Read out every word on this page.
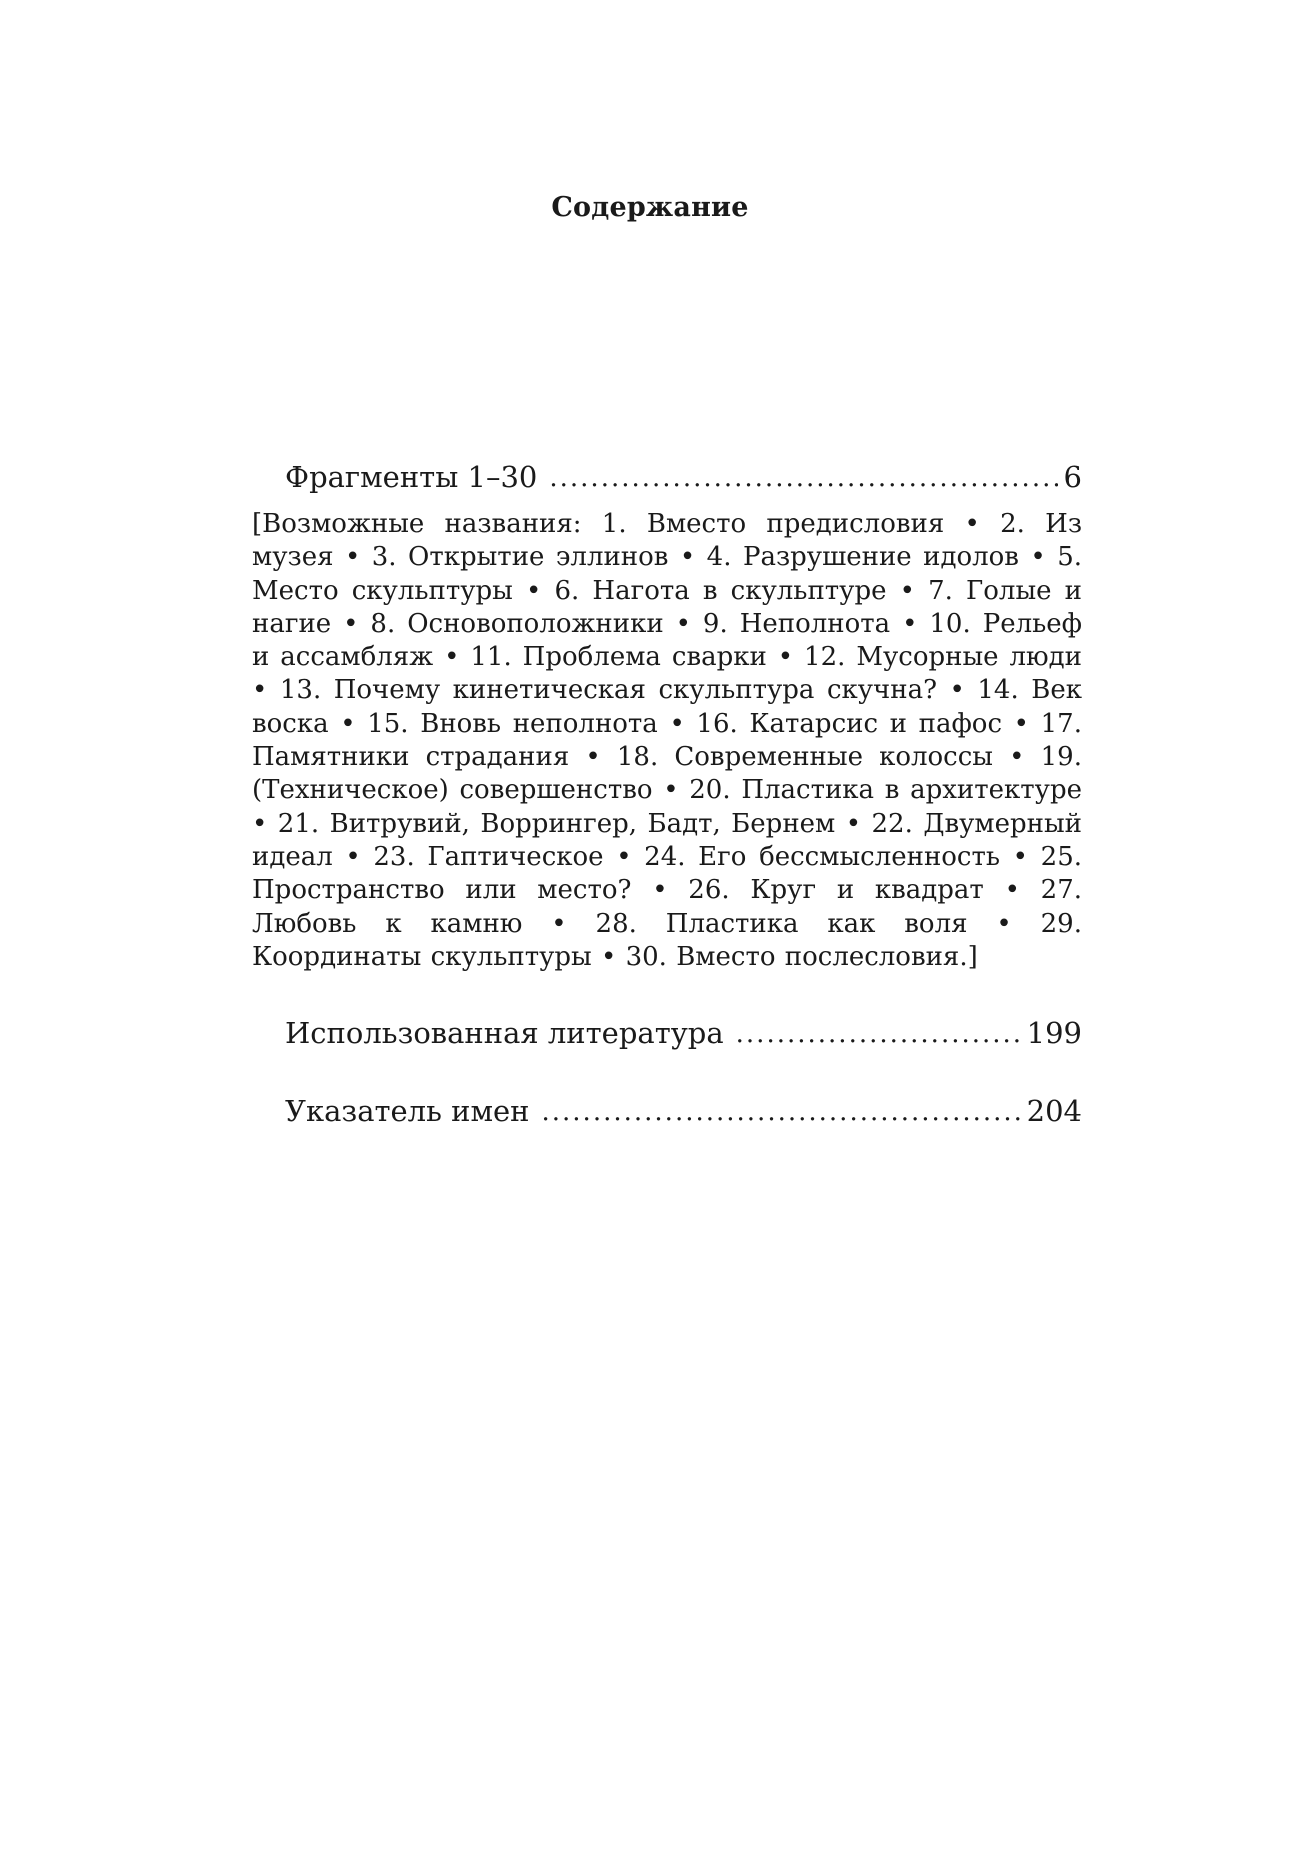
Содержание
Фрагменты 1–30 .....	6
[Возможные названия: 1. Вместо предисловия • 2. Из музея • 3. Открытие эллинов • 4. Разрушение идолов • 5. Место скульптуры • 6. Нагота в скульптуре • 7. Голые и нагие • 8. Основоположники • 9. Неполнота • 10. Рельеф и ассамбляж • 11. Проблема сварки • 12. Мусорные люди • 13. Почему кинетическая скульптура скучна? • 14. Век воска • 15. Вновь неполнота • 16. Катарсис и пафос • 17. Памятники страдания • 18. Современные колоссы • 19. (Техническое) совершенство • 20. Пластика в архитектуре • 21. Витрувий, Воррингер, Бадт, Бернем • 22. Двумерный идеал • 23. Гаптическое • 24. Его бессмысленность • 25. Пространство или место? • 26. Круг и квадрат • 27. Любовь к камню • 28. Пластика как воля • 29. Координаты скульптуры • 30. Вместо послесловия.]
Использованная литература .....	199
Указатель имен .....	204
